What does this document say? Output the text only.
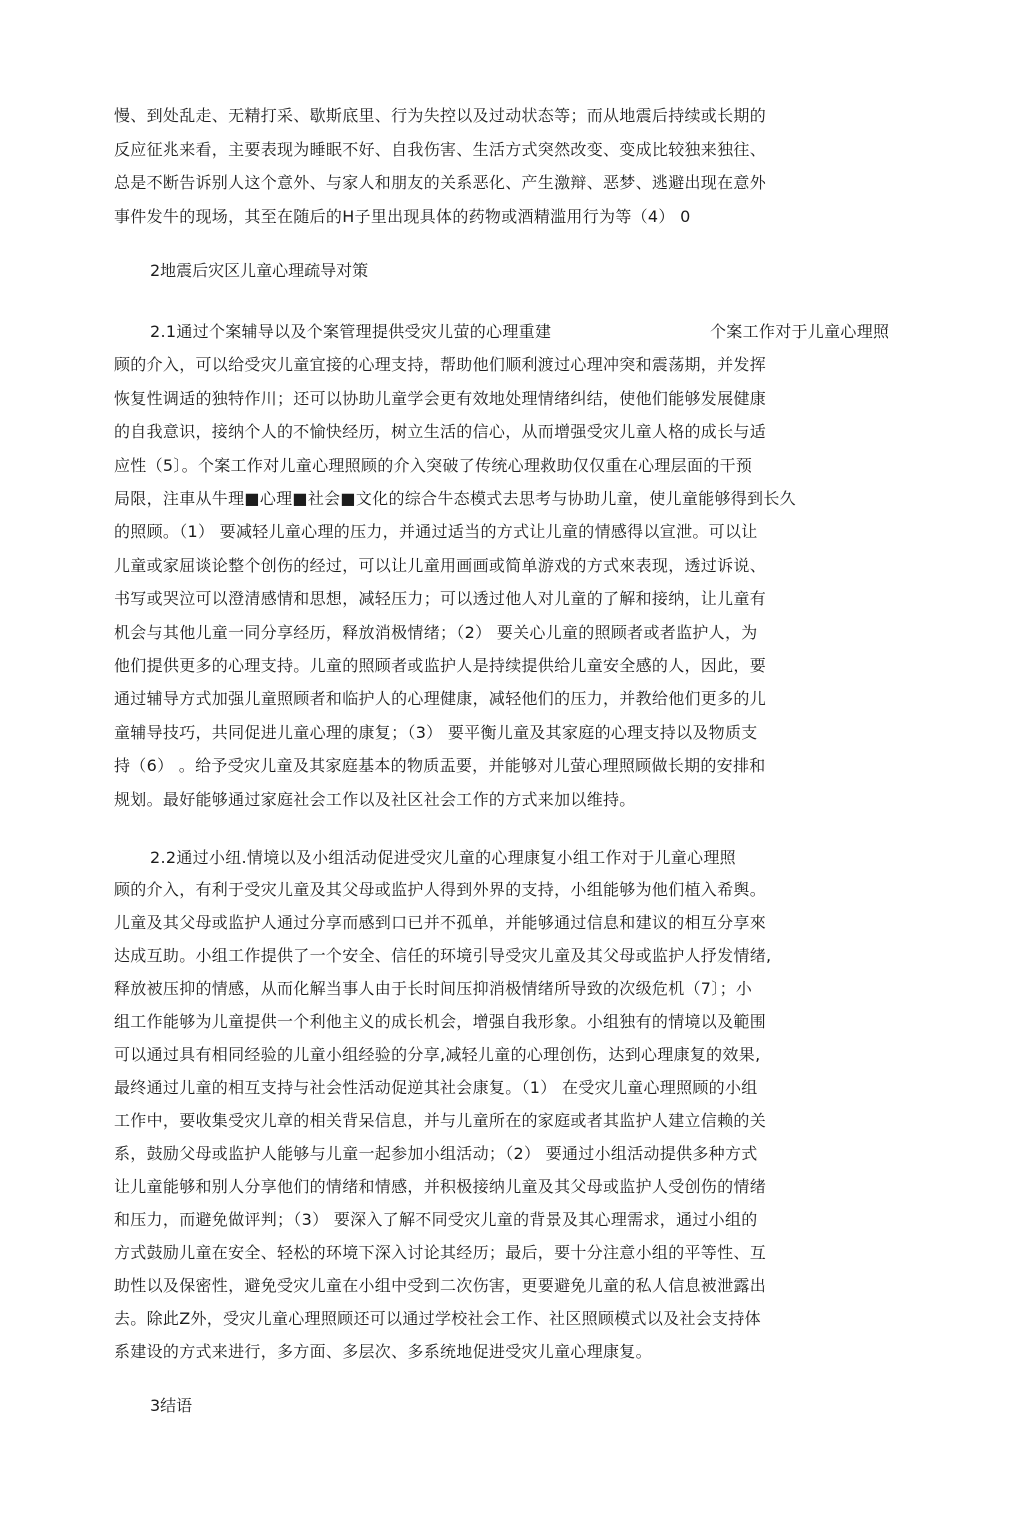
慢、到处乱走、无精打采、歇斯底里、行为失控以及过动状态等；而从地震后持续或长期的
反应征兆来看，主要表现为睡眠不好、自我伤害、生活方式突然改变、变成比较独来独往、
总是不断告诉别人这个意外、与家人和朋友的关系恶化、产生激辩、恶梦、逃避出现在意外
事件发牛的现场，其至在随后的H子里出现具体的药物或酒精滥用行为等（4） 0
2地震后灾区儿童心理疏导对策
2.1通过个案辅导以及个案管理提供受灾儿萤的心理重建	个案工作对于儿童心理照
顾的介入，可以给受灾儿童宜接的心理支持，帮助他们顺利渡过心理冲突和震荡期，并发挥
恢复性调适的独特作川；还可以协助儿童学会更有效地处理情绪纠结，使他们能够发展健康
的自我意识，接纳个人的不愉快经历，树立生活的信心，从而增强受灾儿童人格的成长与适
应性（5〕。个案工作对儿童心理照顾的介入突破了传统心理救助仅仅重在心理层面的干预
局限，注車从牛理■心理■社会■文化的综合牛态模式去思考与协助儿童，使儿童能够得到长久
的照顾。（1） 要减轻儿童心理的压力，并通过适当的方式让儿童的情感得以宣泄。可以让
儿童或家屈谈论整个创伤的经过，可以让儿童用画画或简单游戏的方式來表现，透过诉说、
书写或哭泣可以澄清感情和思想，减轻压力；可以透过他人对儿童的了解和接纳，让儿童有
机会与其他儿童一同分享经历，释放消极情绪；（2） 要关心儿童的照顾者或者监护人，为
他们提供更多的心理支持。儿童的照顾者或监护人是持续提供给儿童安全感的人，因此，要
通过辅导方式加强儿童照顾者和临护人的心理健康，减轻他们的压力，并教给他们更多的儿
童辅导技巧，共同促进儿童心理的康复；（3） 要平衡儿童及其家庭的心理支持以及物质支
持（6） 。给予受灾儿童及其家庭基本的物质盂要，并能够对儿萤心理照顾做长期的安排和
规划。最好能够通过家庭社会工作以及社区社会工作的方式来加以维持。
2.2通过小纽.情境以及小组活动促进受灾儿童的心理康复小组工作对于儿童心理照
顾的介入，有利于受灾儿童及其父母或监护人得到外界的支持，小组能够为他们植入希舆。
儿童及其父母或监护人通过分享而感到口已并不孤单，并能够通过信息和建议的相互分享來
达成互助。小组工作提供了一个安全、信任的环境引导受灾儿童及其父母或监护人抒发情绪,
释放被压抑的情感，从而化解当事人由于长时间压抑消极情绪所导致的次级危机（7〕；小
组工作能够为儿童提供一个利他主义的成长机会，增强自我形象。小组独有的情境以及範围
可以通过具有相同经验的儿童小组经验的分享,减轻儿童的心理创伤，达到心理康复的效果,
最终通过儿童的相互支持与社会性活动促逆其社会康复。（1） 在受灾儿童心理照顾的小组
工作中，要收集受灾儿章的相关背呆信息，并与儿童所在的家庭或者其监护人建立信赖的关
系，鼓励父母或监护人能够与儿童一起参加小组活动；（2） 要通过小组活动提供多种方式
让儿童能够和别人分享他们的情绪和情感，并积极接纳儿童及其父母或监护人受创伤的情绪
和压力，而避免做评判；（3） 要深入了解不同受灾儿童的背景及其心理需求，通过小组的
方式鼓励儿童在安全、轻松的环境下深入讨论其经历；最后，要十分注意小组的平等性、互
助性以及保密性，避免受灾儿童在小组中受到二次伤害，更要避免儿童的私人信息被泄露出
去。除此Z外，受灾儿童心理照顾还可以通过学校社会工作、社区照顾模式以及社会支持体
系建设的方式来进行，多方面、多层次、多系统地促进受灾儿童心理康复。
3结语
